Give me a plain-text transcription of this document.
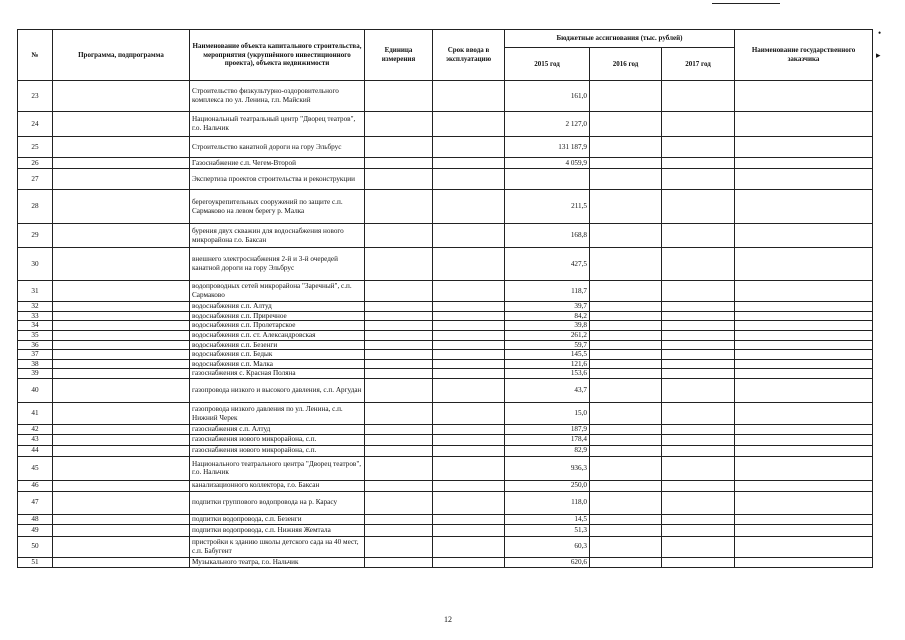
•
▸
№	Программа, подпрограмма	Наименование объекта капитального строительства, мероприятия (укрупнённого инвестиционного проекта), объекта недвижимости	Единица измерения	Срок ввода в эксплуатацию	Бюджетные ассигнования (тыс. рублей)			Наименование государственного заказчика
					2015 год	2016 год	2017 год	
23		Строительство физкультурно-оздоровительного комплекса по ул. Ленина, г.п. Майский			161,0			
24		Национальный театральный центр "Дворец театров", г.о. Нальчик			2 127,0			
25		Строительство канатной дороги на гору Эльбрус			131 187,9			
26		Газоснабжение с.п. Чегем-Второй			4 059,9			
27		Экспертиза проектов строительства и реконструкции						
28		берегоукрепительных сооружений по защите с.п. Сармаково на левом берегу р. Малка			211,5			
29		бурения двух скважин для водоснабжения нового микрорайона г.о. Баксан			168,8			
30		внешнего электроснабжения 2-й и 3-й очередей канатной дороги на гору Эльбрус			427,5			
31		водопроводных сетей микрорайона "Заречный", с.п. Сармаково			118,7			
32		водоснабжения с.п. Алтуд			39,7			
33		водоснабжения с.п. Приречное			84,2			
34		водоснабжения с.п. Пролетарское			39,8			
35		водоснабжения с.п. ст. Александровская			261,2			
36		водоснабжения с.п. Безенги			59,7			
37		водоснабжения с.п. Бедык			145,5			
38		водоснабжения с.п. Малка			121,6			
39		газоснабжения с. Красная Поляна			153,6			
40		газопровода низкого и высокого давления, с.п. Аргудан			43,7			
41		газопровода низкого давления по ул. Ленина, с.п. Нижний Черек			15,0			
42		газоснабжения с.п. Алтуд			187,9			
43		газоснабжения нового микрорайона, с.п.			178,4			
44		газоснабжения нового микрорайона, с.п.			82,9			
45		Национального театрального центра "Дворец театров", г.о. Нальчик			936,3			
46		канализационного коллектора, г.о. Баксан			250,0			
47		подпитки группового водопровода на р. Карасу			118,0			
48		подпитки водопровода, с.п. Безенги			14,5			
49		подпитки водопровода, с.п. Нижняя Жемтала			51,3			
50		пристройки к зданию школы детского сада на 40 мест, с.п. Бабугент			60,3			
51		Музыкального театра, г.о. Нальчик			620,6			
12
